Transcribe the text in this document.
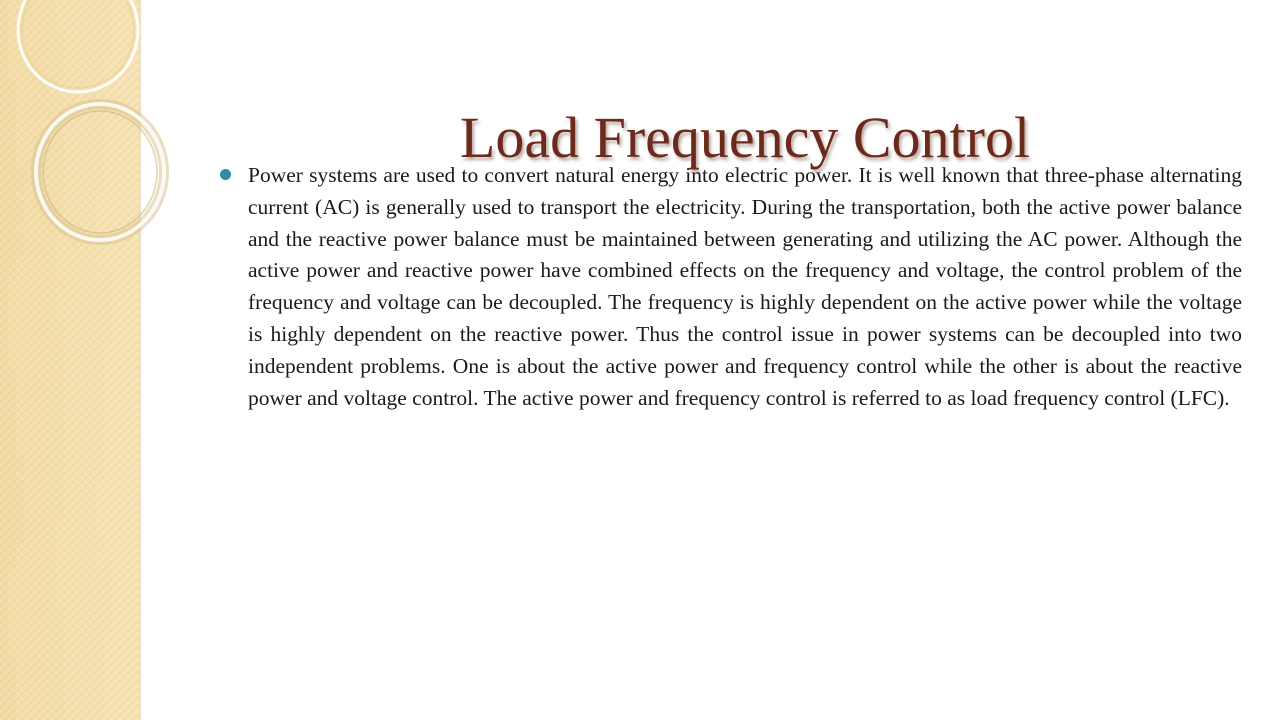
Load Frequency Control

Power systems are used to convert natural energy into electric power. It is well known that three-phase alternating current (AC) is generally used to transport the electricity. During the transportation, both the active power balance and the reactive power balance must be maintained between generating and utilizing the AC power. Although the active power and reactive power have combined effects on the frequency and voltage, the control problem of the frequency and voltage can be decoupled. The frequency is highly dependent on the active power while the voltage is highly dependent on the reactive power. Thus the control issue in power systems can be decoupled into two independent problems. One is about the active power and frequency control while the other is about the reactive power and voltage control. The active power and frequency control is referred to as load frequency control (LFC).
